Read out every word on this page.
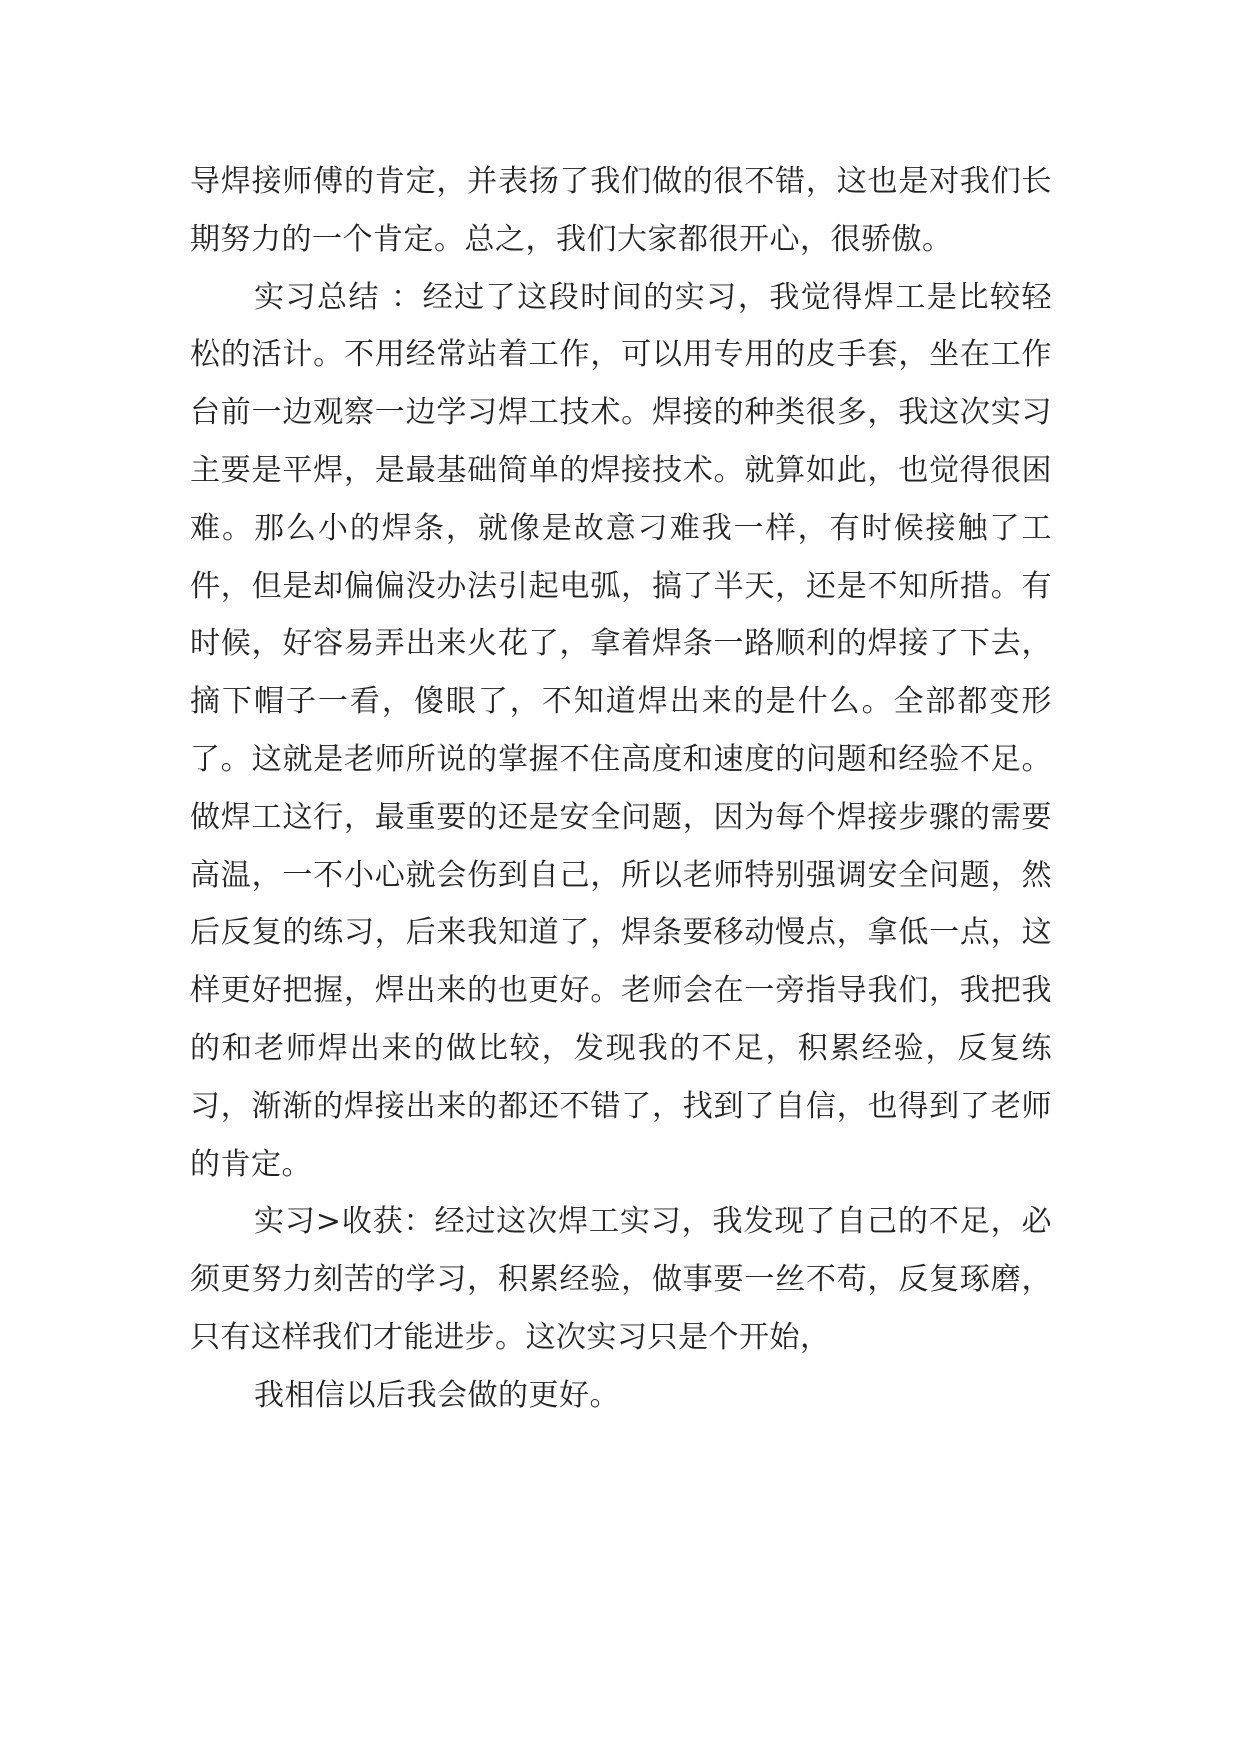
导焊接师傅的肯定，并表扬了我们做的很不错，这也是对我们长期努力的一个肯定。总之，我们大家都很开心，很骄傲。

实习总结 ：经过了这段时间的实习，我觉得焊工是比较轻松的活计。不用经常站着工作，可以用专用的皮手套，坐在工作台前一边观察一边学习焊工技术。焊接的种类很多，我这次实习主要是平焊，是最基础简单的焊接技术。就算如此，也觉得很困难。那么小的焊条，就像是故意刁难我一样，有时候接触了工件，但是却偏偏没办法引起电弧，搞了半天，还是不知所措。有时候，好容易弄出来火花了，拿着焊条一路顺利的焊接了下去，摘下帽子一看，傻眼了，不知道焊出来的是什么。全部都变形了。这就是老师所说的掌握不住高度和速度的问题和经验不足。做焊工这行，最重要的还是安全问题，因为每个焊接步骤的需要高温，一不小心就会伤到自己，所以老师特别强调安全问题，然后反复的练习，后来我知道了，焊条要移动慢点，拿低一点，这样更好把握，焊出来的也更好。老师会在一旁指导我们，我把我的和老师焊出来的做比较，发现我的不足，积累经验，反复练习，渐渐的焊接出来的都还不错了，找到了自信，也得到了老师的肯定。

实习>收获：经过这次焊工实习，我发现了自己的不足，必须更努力刻苦的学习，积累经验，做事要一丝不苟，反复琢磨，只有这样我们才能进步。这次实习只是个开始，

我相信以后我会做的更好。
